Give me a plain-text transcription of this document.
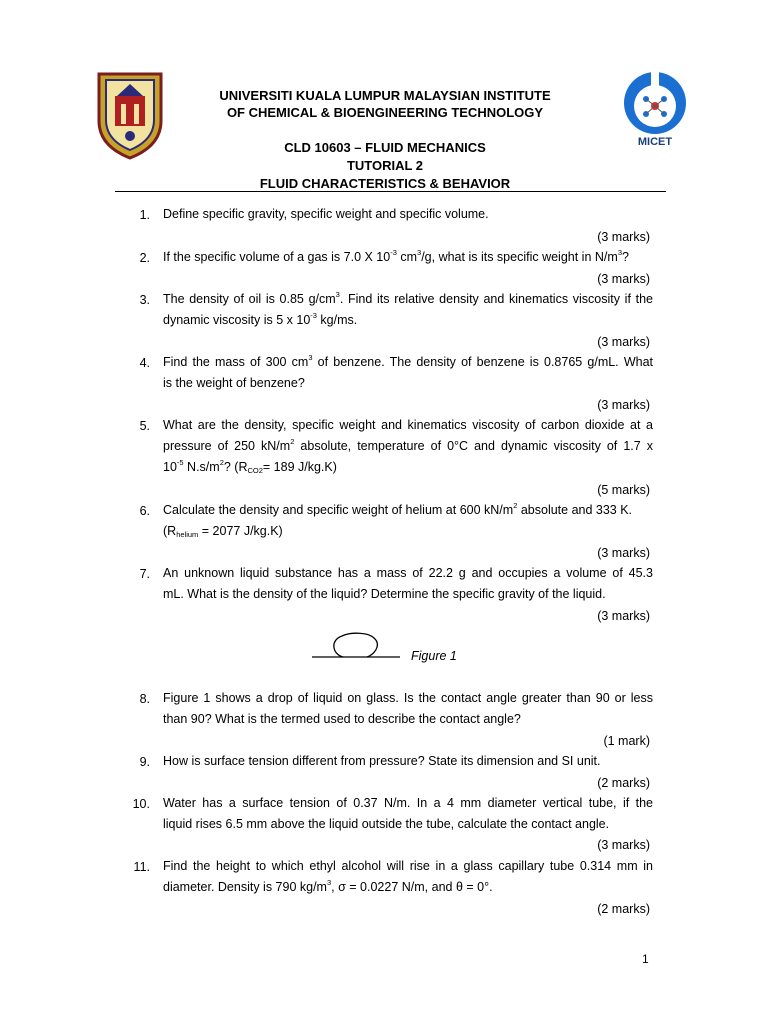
MICET
UNIVERSITI KUALA LUMPUR MALAYSIAN INSTITUTE
OF CHEMICAL & BIOENGINEERING TECHNOLOGY
CLD 10603 – FLUID MECHANICS
TUTORIAL 2
FLUID CHARACTERISTICS & BEHAVIOR
1. Define specific gravity, specific weight and specific volume.
(3 marks)
2. If the specific volume of a gas is 7.0 X $10^{-3}$ $cm^3/g$, what is its specific weight in $N/m^3$?
(3 marks)
3. The density of oil is 0.85 $g/cm^3$. Find its relative density and kinematics viscosity if the
dynamic viscosity is 5 x $10^{-3}$ kg/ms.
(3 marks)
4. Find the mass of 300 $cm^3$ of benzene. The density of benzene is 0.8765 g/mL. What
is the weight of benzene?
(3 marks)
5. What are the density, specific weight and kinematics viscosity of carbon dioxide at a
pressure of 250 $kN/m^2$ absolute, temperature of 0°C and dynamic viscosity of 1.7 x
$10^{-5}$ $N.s/m^2$? ($R_{CO2}= 189$ J/kg.K)
(5 marks)
6. Calculate the density and specific weight of helium at 600 $kN/m^2$ absolute and 333 K.
($R_{helium} = 2077$ J/kg.K)
(3 marks)
7. An unknown liquid substance has a mass of 22.2 g and occupies a volume of 45.3
mL. What is the density of the liquid? Determine the specific gravity of the liquid.
(3 marks)
Figure 1
8. Figure 1 shows a drop of liquid on glass. Is the contact angle greater than 90 or less
than 90? What is the termed used to describe the contact angle?
(1 mark)
9. How is surface tension different from pressure? State its dimension and SI unit.
(2 marks)
10. Water has a surface tension of 0.37 N/m. In a 4 mm diameter vertical tube, if the
liquid rises 6.5 mm above the liquid outside the tube, calculate the contact angle.
(3 marks)
11. Find the height to which ethyl alcohol will rise in a glass capillary tube 0.314 mm in
diameter. Density is 790 $kg/m^3$, σ = 0.0227 N/m, and θ = 0°.
(2 marks)
1
